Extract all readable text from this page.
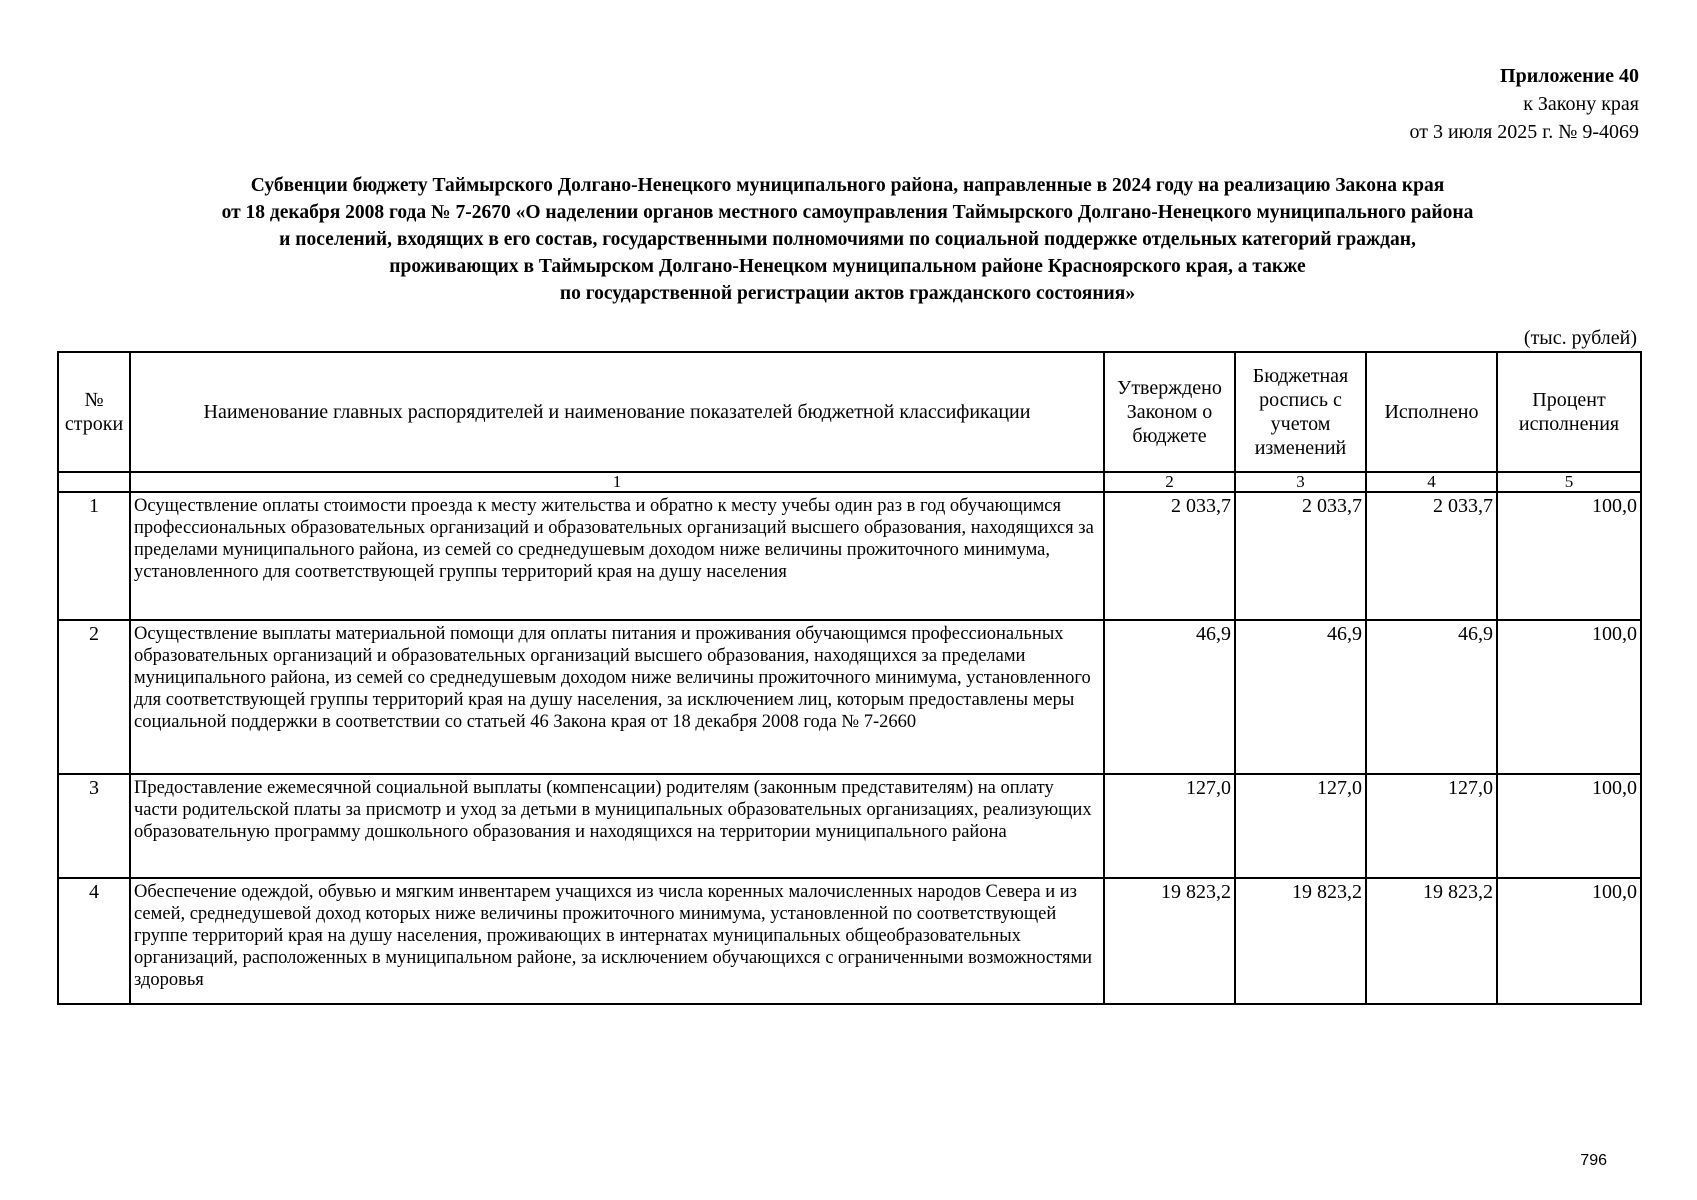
Приложение 40
к Закону края
от 3 июля 2025 г. № 9-4069
Субвенции бюджету Таймырского Долгано-Ненецкого муниципального района, направленные в 2024 году на реализацию Закона края
от 18 декабря 2008 года № 7-2670 «О наделении органов местного самоуправления Таймырского Долгано-Ненецкого муниципального района
и поселений, входящих в его состав, государственными полномочиями по социальной поддержке отдельных категорий граждан,
проживающих в Таймырском Долгано-Ненецком муниципальном районе Красноярского края, а также
по государственной регистрации актов гражданского состояния»
(тыс. рублей)
№ строки	Наименование главных распорядителей и наименование показателей бюджетной классификации	Утверждено Законом о бюджете	Бюджетная роспись с учетом изменений	Исполнено	Процент исполнения
	1	2	3	4	5
1	Осуществление оплаты стоимости проезда к месту жительства и обратно к месту учебы один раз в год обучающимся профессиональных образовательных организаций и образовательных организаций высшего образования, находящихся за пределами муниципального района, из семей со среднедушевым доходом ниже величины прожиточного минимума, установленного для соответствующей группы территорий края на душу населения	2 033,7	2 033,7	2 033,7	100,0
2	Осуществление выплаты материальной помощи для оплаты питания и проживания обучающимся профессиональных образовательных организаций и образовательных организаций высшего образования, находящихся за пределами муниципального района, из семей со среднедушевым доходом ниже величины прожиточного минимума, установленного для соответствующей группы территорий края на душу населения, за исключением лиц, которым предоставлены меры социальной поддержки в соответствии со статьей 46 Закона края от 18 декабря 2008 года № 7-2660	46,9	46,9	46,9	100,0
3	Предоставление ежемесячной социальной выплаты (компенсации) родителям (законным представителям) на оплату части родительской платы за присмотр и уход за детьми в муниципальных образовательных организациях, реализующих образовательную программу дошкольного образования и находящихся на территории муниципального района	127,0	127,0	127,0	100,0
4	Обеспечение одеждой, обувью и мягким инвентарем учащихся из числа коренных малочисленных народов Севера и из семей, среднедушевой доход которых ниже величины прожиточного минимума, установленной по соответствующей группе территорий края на душу населения, проживающих в интернатах муниципальных общеобразовательных организаций, расположенных в муниципальном районе, за исключением обучающихся с ограниченными возможностями здоровья	19 823,2	19 823,2	19 823,2	100,0
796
